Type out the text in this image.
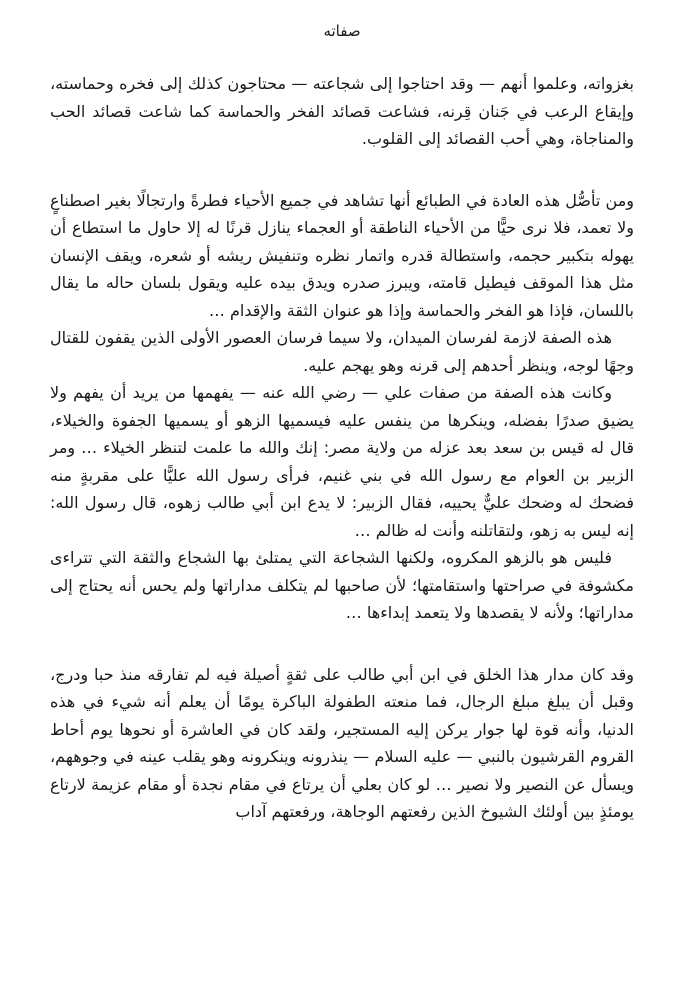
صفاته

بغزواته، وعلموا أنهم — وقد احتاجوا إلى شجاعته — محتاجون كذلك إلى فخره وحماسته، وإيقاع الرعب في جَنان قِرنه، فشاعت قصائد الفخر والحماسة كما شاعت قصائد الحب والمناجاة، وهي أحب القصائد إلى القلوب.

ومن تأصُّل هذه العادة في الطبائع أنها تشاهد في جميع الأحياء فطرةً وارتجالًا بغير اصطناعٍ ولا تعمد، فلا نرى حيًّا من الأحياء الناطقة أو العجماء ينازل قرنًا له إلا حاول ما استطاع أن يهوله بتكبير حجمه، واستطالة قدره واتمار نظره وتنفيش ريشه أو شعره، ويقف الإنسان مثل هذا الموقف فيطيل قامته، ويبرز صدره ويدق بيده عليه ويقول بلسان حاله ما يقال باللسان، فإذا هو الفخر والحماسة وإذا هو عنوان الثقة والإقدام …

هذه الصفة لازمة لفرسان الميدان، ولا سيما فرسان العصور الأولى الذين يقفون للقتال وجهًا لوجه، وينظر أحدهم إلى قرنه وهو يهجم عليه.

وكانت هذه الصفة من صفات علي — رضي الله عنه — يفهمها من يريد أن يفهم ولا يضيق صدرًا بفضله، وينكرها من ينفس عليه فيسميها الزهو أو يسميها الجفوة والخيلاء، قال له قيس بن سعد بعد عزله من ولاية مصر: إنك والله ما علمت لتنظر الخيلاء … ومر الزبير بن العوام مع رسول الله في بني غنيم، فرأى رسول الله عليًّا على مقربةٍ منه فضحك له وضحك عليٌّ يحييه، فقال الزبير: لا يدع ابن أبي طالب زهوه، قال رسول الله: إنه ليس به زهو، ولتقاتلنه وأنت له ظالم …

فليس هو بالزهو المكروه، ولكنها الشجاعة التي يمتلئ بها الشجاع والثقة التي تتراءى مكشوفة في صراحتها واستقامتها؛ لأن صاحبها لم يتكلف مداراتها ولم يحس أنه يحتاج إلى مداراتها؛ ولأنه لا يقصدها ولا يتعمد إبداءها …

وقد كان مدار هذا الخلق في ابن أبي طالب على ثقةٍ أصيلة فيه لم تفارقه منذ حبا ودرج، وقبل أن يبلغ مبلغ الرجال، فما منعته الطفولة الباكرة يومًا أن يعلم أنه شيء في هذه الدنيا، وأنه قوة لها جوار يركن إليه المستجير، ولقد كان في العاشرة أو نحوها يوم أحاط القروم القرشيون بالنبي — عليه السلام — ينذرونه وينكرونه وهو يقلب عينه في وجوههم، ويسأل عن النصير ولا نصير … لو كان بعلي أن يرتاع في مقام نجدة أو مقام عزيمة لارتاع يومئذٍ بين أولئك الشيوخ الذين رفعتهم الوجاهة، ورفعتهم آداب
